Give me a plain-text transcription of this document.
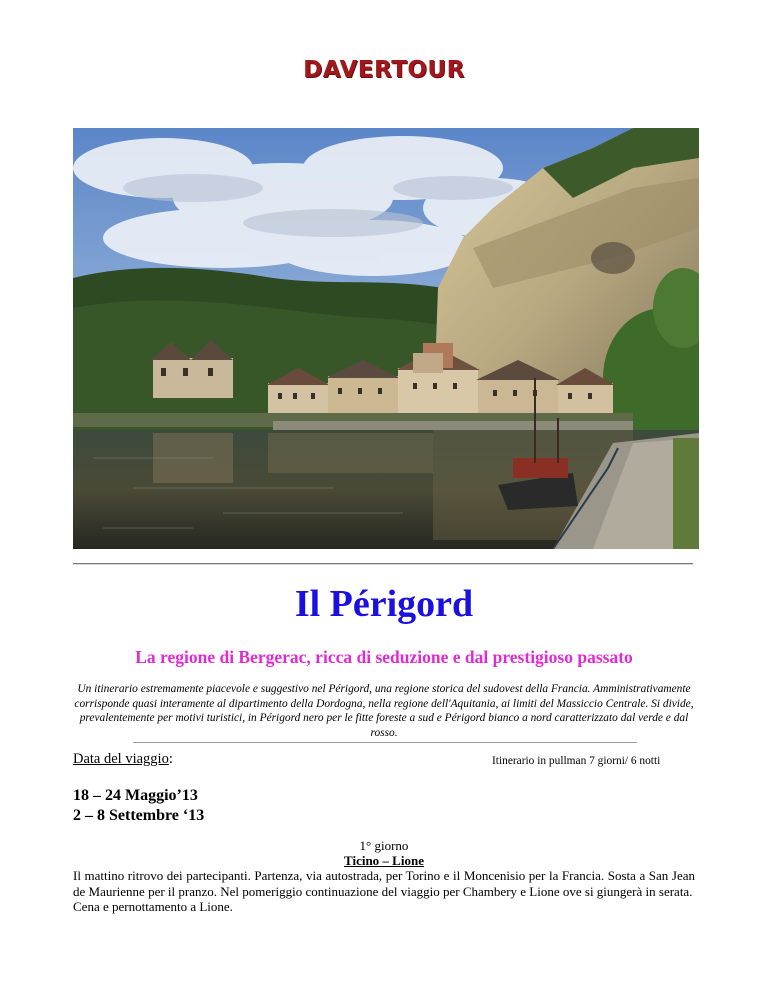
DAVERTOUR
Il Périgord
La regione di Bergerac, ricca di seduzione e dal prestigioso passato
Un itinerario estremamente piacevole e suggestivo nel Périgord, una regione storica del sudovest della Francia. Amministrativamente corrisponde quasi interamente al dipartimento della Dordogna, nella regione dell'Aquitania, ai limiti del Massiccio Centrale. Si divide, prevalentemente per motivi turistici, in Périgord nero per le fitte foreste a sud e Périgord bianco a nord caratterizzato dal verde e dal rosso.
Data del viaggio:	Itinerario in pullman 7 giorni/ 6 notti
18 – 24 Maggio’13
2 – 8 Settembre ‘13
1° giorno
Ticino – Lione

Il mattino ritrovo dei partecipanti. Partenza, via autostrada, per Torino e il Moncenisio per la Francia. Sosta a San Jean de Maurienne per il pranzo. Nel pomeriggio continuazione del viaggio per Chambery e Lione ove si giungerà in serata.

Cena e pernottamento a Lione.
